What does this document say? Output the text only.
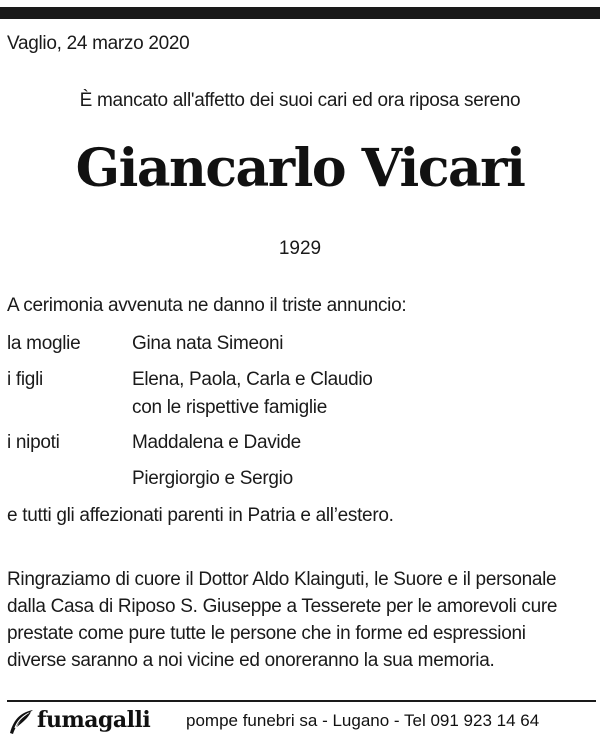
Vaglio, 24 marzo 2020
È mancato all'affetto dei suoi cari ed ora riposa sereno
Giancarlo Vicari
1929
A cerimonia avvenuta ne danno il triste annuncio:
la moglie	Gina nata Simeoni
i figli	Elena, Paola, Carla e Claudio
con le rispettive famiglie
i nipoti	Maddalena e Davide
Piergiorgio e Sergio
e tutti gli affezionati parenti in Patria e all’estero.
Ringraziamo di cuore il Dottor Aldo Klainguti, le Suore e il personale
dalla Casa di Riposo S. Giuseppe a Tesserete per le amorevoli cure
prestate come pure tutte le persone che in forme ed espressioni
diverse saranno a noi vicine ed onoreranno la sua memoria.
fumagalli pompe funebri sa - Lugano - Tel 091 923 14 64
